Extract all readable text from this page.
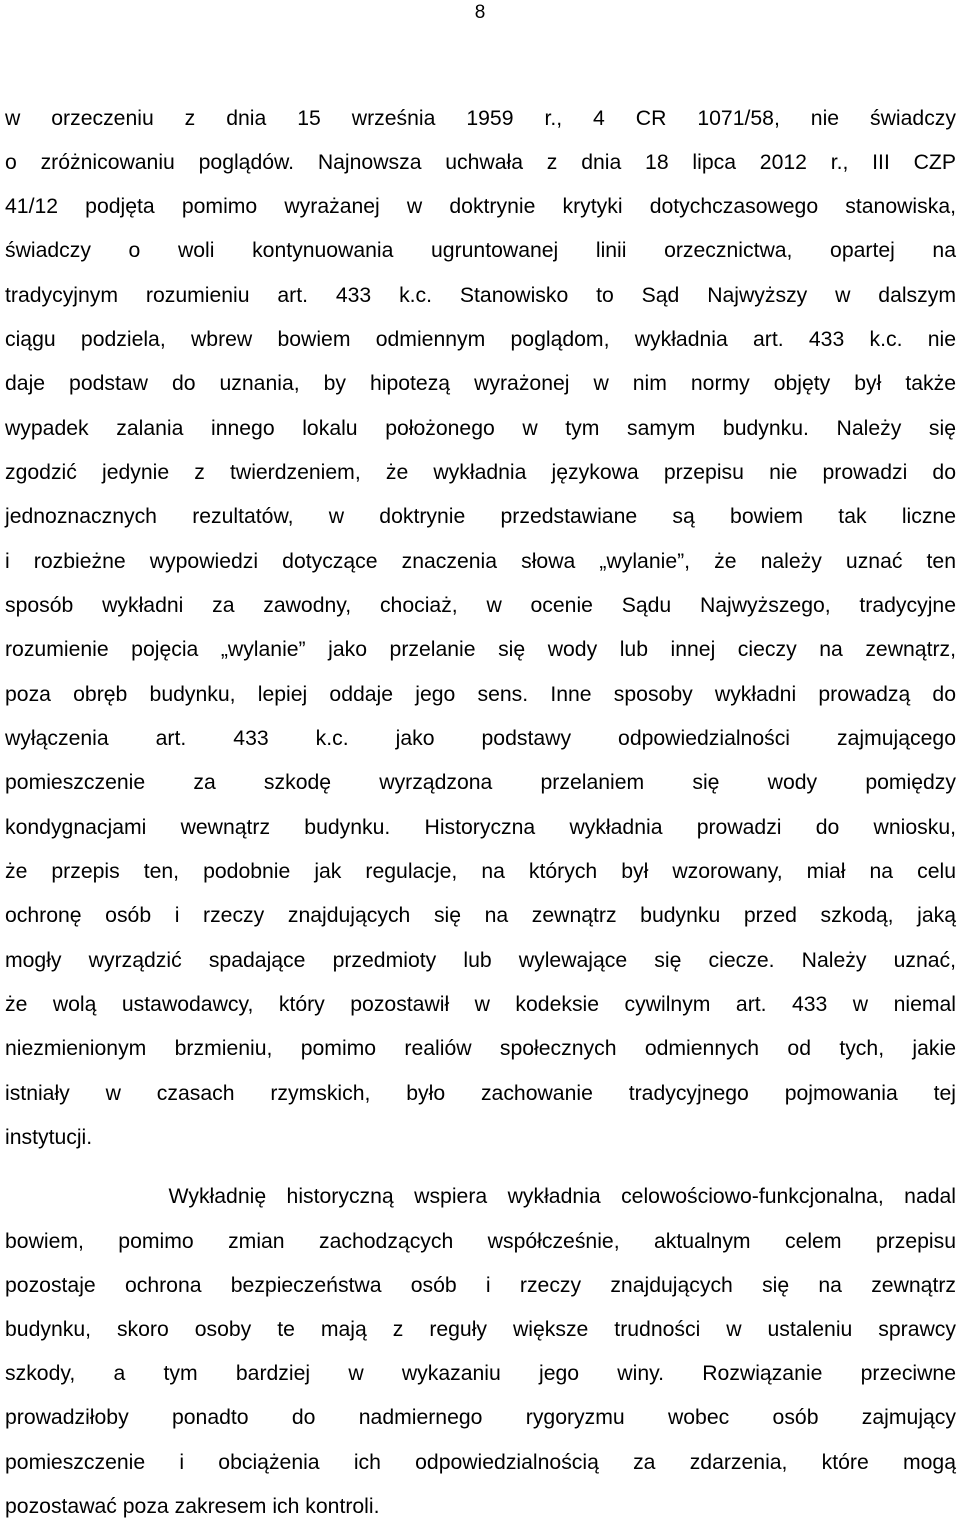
8
w orzeczeniu z dnia 15 września 1959 r., 4 CR 1071/58, nie świadczy
o zróżnicowaniu poglądów. Najnowsza uchwała z dnia 18 lipca 2012 r., III CZP
41/12 podjęta pomimo wyrażanej w doktrynie krytyki dotychczasowego stanowiska,
świadczy o woli kontynuowania ugruntowanej linii orzecznictwa, opartej na
tradycyjnym rozumieniu art. 433 k.c. Stanowisko to Sąd Najwyższy w dalszym
ciągu podziela, wbrew bowiem odmiennym poglądom, wykładnia art. 433 k.c. nie
daje podstaw do uznania, by hipotezą wyrażonej w nim normy objęty był także
wypadek zalania innego lokalu położonego w tym samym budynku. Należy się
zgodzić jedynie z twierdzeniem, że wykładnia językowa przepisu nie prowadzi do
jednoznacznych rezultatów, w doktrynie przedstawiane są bowiem tak liczne
i rozbieżne wypowiedzi dotyczące znaczenia słowa „wylanie”, że należy uznać ten
sposób wykładni za zawodny, chociaż, w ocenie Sądu Najwyższego, tradycyjne
rozumienie pojęcia „wylanie” jako przelanie się wody lub innej cieczy na zewnątrz,
poza obręb budynku, lepiej oddaje jego sens. Inne sposoby wykładni prowadzą do
wyłączenia art. 433 k.c. jako podstawy odpowiedzialności zajmującego
pomieszczenie za szkodę wyrządzona przelaniem się wody pomiędzy
kondygnacjami wewnątrz budynku. Historyczna wykładnia prowadzi do wniosku,
że przepis ten, podobnie jak regulacje, na których był wzorowany, miał na celu
ochronę osób i rzeczy znajdujących się na zewnątrz budynku przed szkodą, jaką
mogły wyrządzić spadające przedmioty lub wylewające się ciecze. Należy uznać,
że wolą ustawodawcy, który pozostawił w kodeksie cywilnym art. 433 w niemal
niezmienionym brzmieniu, pomimo realiów społecznych odmiennych od tych, jakie
istniały w czasach rzymskich, było zachowanie tradycyjnego pojmowania tej
instytucji.
Wykładnię historyczną wspiera wykładnia celowościowo-funkcjonalna, nadal
bowiem, pomimo zmian zachodzących współcześnie, aktualnym celem przepisu
pozostaje ochrona bezpieczeństwa osób i rzeczy znajdujących się na zewnątrz
budynku, skoro osoby te mają z reguły większe trudności w ustaleniu sprawcy
szkody, a tym bardziej w wykazaniu jego winy. Rozwiązanie przeciwne
prowadziłoby ponadto do nadmiernego rygoryzmu wobec osób zajmujący
pomieszczenie i obciążenia ich odpowiedzialnością za zdarzenia, które mogą
pozostawać poza zakresem ich kontroli.
